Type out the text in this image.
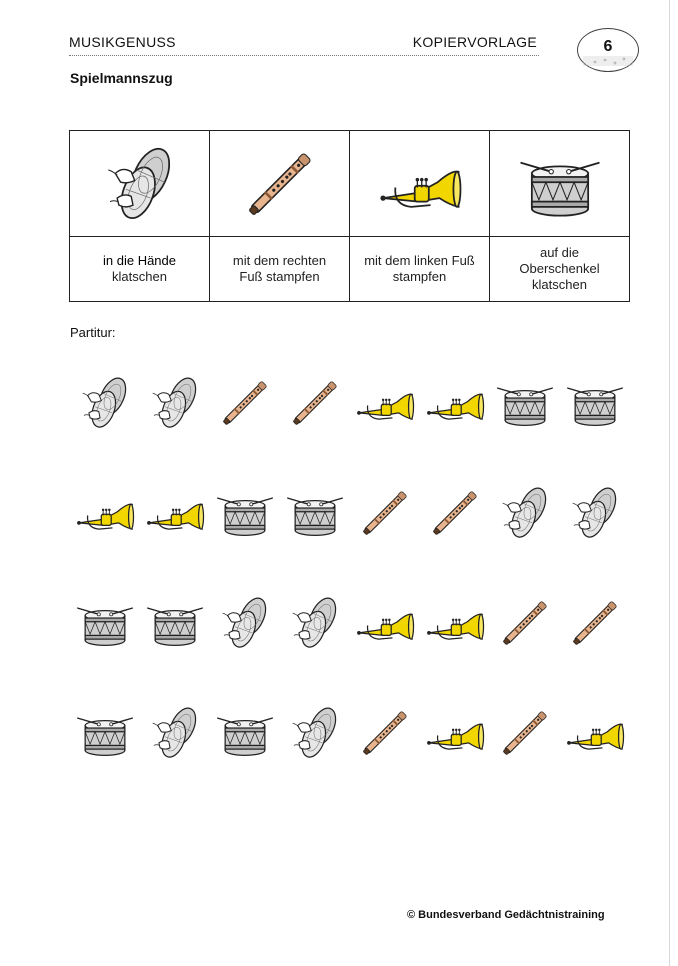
MUSIKGENUSS	KOPIERVORLAGE	6
Spielmannszug

in die Hände
klatschen	mit dem rechten
Fuß stampfen	mit dem linken Fuß
stampfen	auf die
Oberschenkel
klatschen
Partitur:
© Bundesverband Gedächtnistraining
